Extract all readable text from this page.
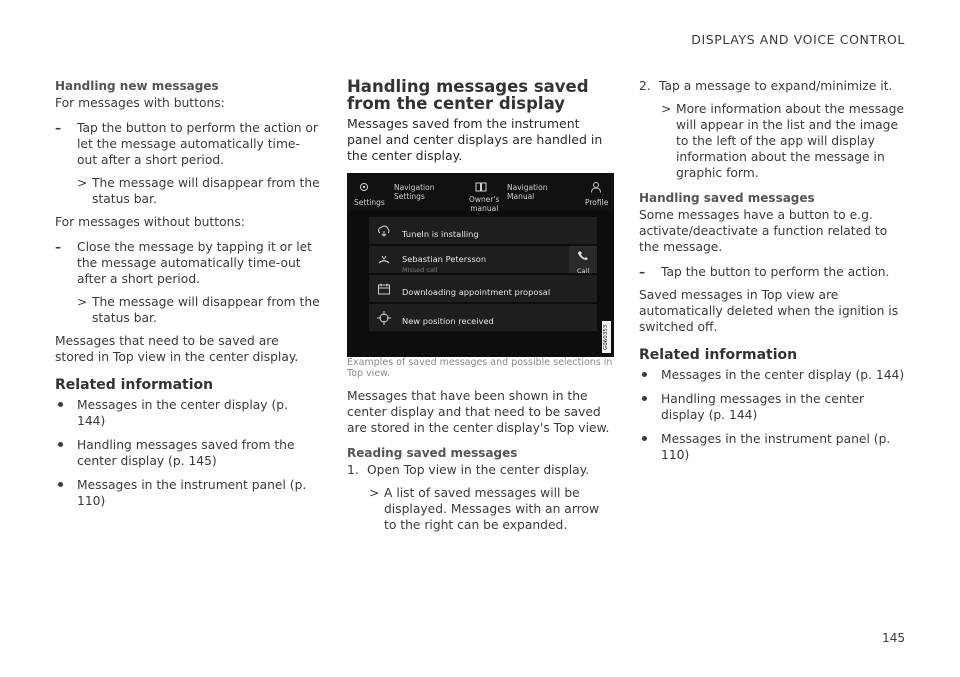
DISPLAYS AND VOICE CONTROL
Handling new messages

For messages with buttons:

– Tap the button to perform the action or let the message automatically time-out after a short period.
> The message will disappear from the status bar.

For messages without buttons:

– Close the message by tapping it or let the message automatically time-out after a short period.
> The message will disappear from the status bar.

Messages that need to be saved are stored in Top view in the center display.

Related information
Messages in the center display (p. 144)
Handling messages saved from the center display (p. 145)
Messages in the instrument panel (p. 110)
Handling messages saved from the center display

Messages saved from the instrument panel and center displays are handled in the center display.

Settings
Navigation
Settings	Owner's
manual
Navigation
Manual
Profile
TuneIn is installing
Sebastian Petersson
Missed call	Call
Downloading appointment proposal
New position received
G060353

Examples of saved messages and possible selections in Top view.

Messages that have been shown in the center display and that need to be saved are stored in the center display's Top view.

Reading saved messages
1. Open Top view in the center display.
> A list of saved messages will be displayed. Messages with an arrow to the right can be expanded.
2. Tap a message to expand/minimize it.
> More information about the message will appear in the list and the image to the left of the app will display information about the message in graphic form.
Handling saved messages

Some messages have a button to e.g. activate/deactivate a function related to the message.

– Tap the button to perform the action.

Saved messages in Top view are automatically deleted when the ignition is switched off.

Related information
Messages in the center display (p. 144)
Handling messages in the center display (p. 144)
Messages in the instrument panel (p. 110)
145
